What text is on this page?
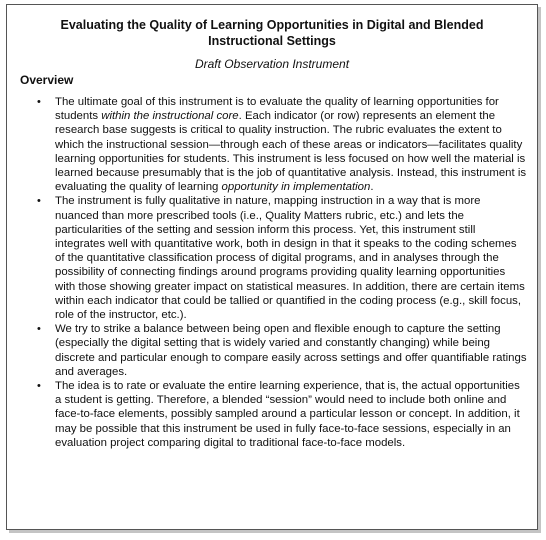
Evaluating the Quality of Learning Opportunities in Digital and Blended Instructional Settings
Draft Observation Instrument
Overview
• The ultimate goal of this instrument is to evaluate the quality of learning opportunities for students within the instructional core. Each indicator (or row) represents an element the research base suggests is critical to quality instruction. The rubric evaluates the extent to which the instructional session—through each of these areas or indicators—facilitates quality learning opportunities for students. This instrument is less focused on how well the material is learned because presumably that is the job of quantitative analysis. Instead, this instrument is evaluating the quality of learning opportunity in implementation.
• The instrument is fully qualitative in nature, mapping instruction in a way that is more nuanced than more prescribed tools (i.e., Quality Matters rubric, etc.) and lets the particularities of the setting and session inform this process. Yet, this instrument still integrates well with quantitative work, both in design in that it speaks to the coding schemes of the quantitative classification process of digital programs, and in analyses through the possibility of connecting findings around programs providing quality learning opportunities with those showing greater impact on statistical measures. In addition, there are certain items within each indicator that could be tallied or quantified in the coding process (e.g., skill focus, role of the instructor, etc.).
• We try to strike a balance between being open and flexible enough to capture the setting (especially the digital setting that is widely varied and constantly changing) while being discrete and particular enough to compare easily across settings and offer quantifiable ratings and averages.
• The idea is to rate or evaluate the entire learning experience, that is, the actual opportunities a student is getting. Therefore, a blended “session” would need to include both online and face-to-face elements, possibly sampled around a particular lesson or concept. In addition, it may be possible that this instrument be used in fully face-to-face sessions, especially in an evaluation project comparing digital to traditional face-to-face models.
